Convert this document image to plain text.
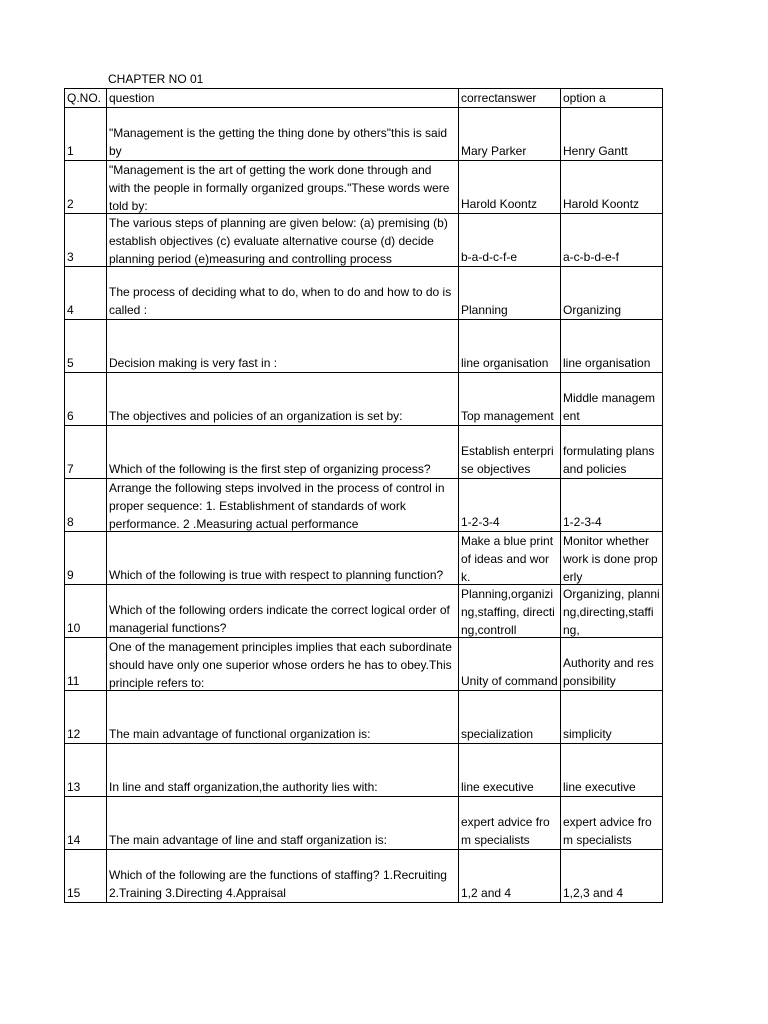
CHAPTER NO 01
Q.NO.	question	correctanswer	option a

1	"Management is the getting the thing done by others"this is said by	Mary Parker	Henry Gantt

2	"Management is the art of getting the work done through and with the people in formally organized groups."These words were told by:	Harold Koontz	Harold Koontz

3	The various steps of planning are given below: (a) premising (b) establish objectives (c) evaluate alternative course (d) decide planning period (e)measuring and controlling process	b-a-d-c-f-e	a-c-b-d-e-f

4	The process of deciding what to do, when to do and how to do is called :	Planning	Organizing

5	Decision making is very fast in :	line organisation	line organisation

6	The objectives and policies of an organization is set by:	Top management	Middle management

7	Which of the following is the first step of organizing process?	Establish enterprise objectives	formulating plans and policies

8	Arrange the following steps involved in the process of control in proper sequence: 1. Establishment of standards of work performance. 2 .Measuring actual performance	1-2-3-4	1-2-3-4

9	Which of the following is true with respect to planning function?	Make a blue print of ideas and work.	Monitor whether work is done properly

10	Which of the following orders indicate the correct logical order of managerial functions?	Planning,organizing,staffing, directing,controll	Organizing, planning,directing,staffing,

11	One of the management principles implies that each subordinate should have only one superior whose orders he has to obey.This principle refers to:	Unity of command	Authority and responsibility

12	The main advantage of functional organization is:	specialization	simplicity

13	In line and staff organization,the authority lies with:	line executive	line executive

14	The main advantage of line and staff organization is:	expert advice from specialists	expert advice from specialists

15	Which of the following are the functions of staffing? 1.Recruiting 2.Training 3.Directing 4.Appraisal	1,2 and 4	1,2,3 and 4
